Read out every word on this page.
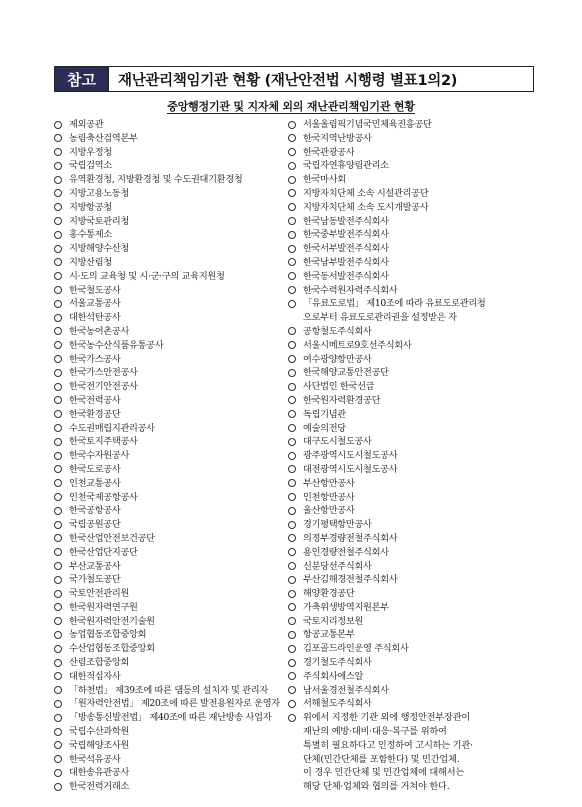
참고	재난관리책임기관 현황 (재난안전법 시행령 별표1의2)
중앙행정기관 및 지자체 외의 재난관리책임기관 현황
제외공관
농림축산검역본부
지방우정청
국립검역소
유역환경청, 지방환경청 및 수도권대기환경청
지방고용노동청
지방항공청
지방국토관리청
홍수통제소
지방해양수산청
지방산림청
시·도의 교육청 및 시·군·구의 교육지원청
한국철도공사
서울교통공사
대한석탄공사
한국농어촌공사
한국농수산식품유통공사
한국가스공사
한국가스안전공사
한국전기안전공사
한국전력공사
한국환경공단
수도권매립지관리공사
한국토지주택공사
한국수자원공사
한국도로공사
인천교통공사
인천국제공항공사
한국공항공사
국립공원공단
한국산업안전보건공단
한국산업단지공단
부산교통공사
국가철도공단
국토안전관리원
한국원자력연구원
한국원자력안전기술원
농업협동조합중앙회
수산업협동조합중앙회
산림조합중앙회
대한적십자사
「하천법」 제39조에 따른 댐등의 설치자 및 관리자
「원자력안전법」 제20조에 따른 발전용원자로 운영자
「방송통신발전법」 제40조에 따른 재난방송 사업자
국립수산과학원
국립해양조사원
한국석유공사
대한송유관공사
한국전력거래소
서울올림픽기념국민체육진흥공단
한국지역난방공사
한국관광공사
국립자연휴양림관리소
한국마사회
지방자치단체 소속 시설관리공단
지방자치단체 소속 도시개발공사
한국남동발전주식회사
한국중부발전주식회사
한국서부발전주식회사
한국남부발전주식회사
한국동서발전주식회사
한국수력원자력주식회사
「유료도로법」 제10조에 따라 유료도로관리청
으로부터 유료도로관리권을 설정받은 자
공항철도주식회사
서울시메트로9호선주식회사
여수광양항만공사
한국해양교통안전공단
사단법인 한국선급
한국원자력환경공단
독립기념관
예술의전당
대구도시철도공사
광주광역시도시철도공사
대전광역시도시철도공사
부산항만공사
인천항만공사
울산항만공사
경기평택항만공사
의정부경량전철주식회사
용인경량전철주식회사
신분당선주식회사
부산김해경전철주식회사
해양환경공단
가축위생방역지원본부
국토지리정보원
항공교통본부
김포골드라인운영 주식회사
경기철도주식회사
주식회사에스알
남서울경전철주식회사
서해철도주식회사
위에서 지정한 기관 외에 행정안전부장관이
재난의 예방·대비·대응·복구를 위하여
특별히 필요하다고 인정하여 고시하는 기관·
단체(민간단체를 포함한다) 및 민간업체.
이 경우 민간단체 및 민간업체에 대해서는
해당 단체·업체와 협의를 거쳐야 한다.
